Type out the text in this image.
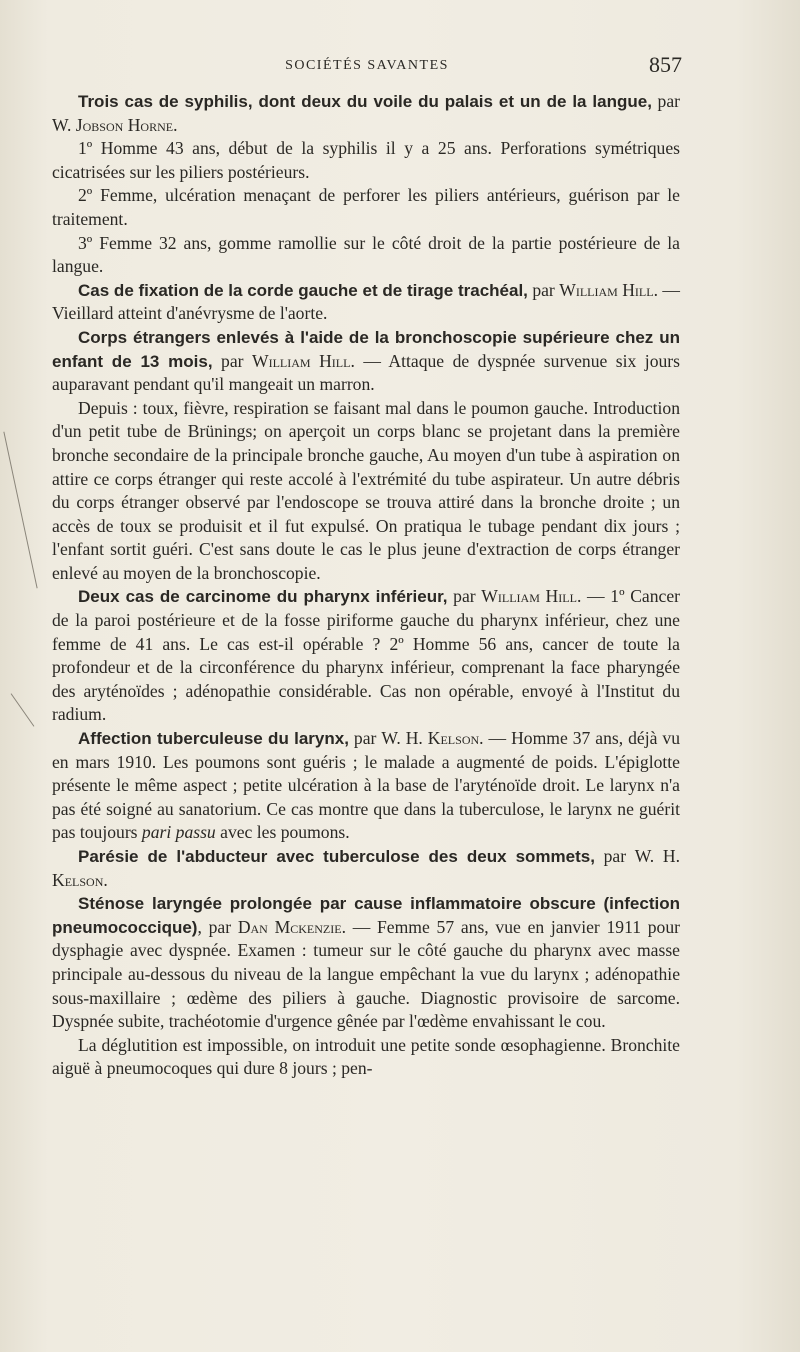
SOCIÉTÉS SAVANTES	857

Trois cas de syphilis, dont deux du voile du palais et un de la langue, par W. Jobson Horne.

1º Homme 43 ans, début de la syphilis il y a 25 ans. Perforations symétriques cicatrisées sur les piliers postérieurs.

2º Femme, ulcération menaçant de perforer les piliers antérieurs, guérison par le traitement.

3º Femme 32 ans, gomme ramollie sur le côté droit de la partie postérieure de la langue.

Cas de fixation de la corde gauche et de tirage trachéal, par William Hill. — Vieillard atteint d'anévrysme de l'aorte.

Corps étrangers enlevés à l'aide de la bronchoscopie supérieure chez un enfant de 13 mois, par William Hill. — Attaque de dyspnée survenue six jours auparavant pendant qu'il mangeait un marron.

Depuis : toux, fièvre, respiration se faisant mal dans le poumon gauche. Introduction d'un petit tube de Brünings; on aperçoit un corps blanc se projetant dans la première bronche secondaire de la principale bronche gauche, Au moyen d'un tube à aspiration on attire ce corps étranger qui reste accolé à l'extrémité du tube aspirateur. Un autre débris du corps étranger observé par l'endoscope se trouva attiré dans la bronche droite ; un accès de toux se produisit et il fut expulsé. On pratiqua le tubage pendant dix jours ; l'enfant sortit guéri. C'est sans doute le cas le plus jeune d'extraction de corps étranger enlevé au moyen de la bronchoscopie.

Deux cas de carcinome du pharynx inférieur, par William Hill. — 1º Cancer de la paroi postérieure et de la fosse piriforme gauche du pharynx inférieur, chez une femme de 41 ans. Le cas est-il opérable ? 2º Homme 56 ans, cancer de toute la profondeur et de la circonférence du pharynx inférieur, comprenant la face pharyngée des aryténoïdes ; adénopathie considérable. Cas non opérable, envoyé à l'Institut du radium.

Affection tuberculeuse du larynx, par W. H. Kelson. — Homme 37 ans, déjà vu en mars 1910. Les poumons sont guéris ; le malade a augmenté de poids. L'épiglotte présente le même aspect ; petite ulcération à la base de l'aryténoïde droit. Le larynx n'a pas été soigné au sanatorium. Ce cas montre que dans la tuberculose, le larynx ne guérit pas toujours pari passu avec les poumons.

Parésie de l'abducteur avec tuberculose des deux sommets, par W. H. Kelson.

Sténose laryngée prolongée par cause inflammatoire obscure (infection pneumococcique), par Dan Mckenzie. — Femme 57 ans, vue en janvier 1911 pour dysphagie avec dyspnée. Examen : tumeur sur le côté gauche du pharynx avec masse principale au-dessous du niveau de la langue empêchant la vue du larynx ; adénopathie sous-maxillaire ; œdème des piliers à gauche. Diagnostic provisoire de sarcome. Dyspnée subite, trachéotomie d'urgence gênée par l'œdème envahissant le cou.

La déglutition est impossible, on introduit une petite sonde œsophagienne. Bronchite aiguë à pneumocoques qui dure 8 jours ; pen-
